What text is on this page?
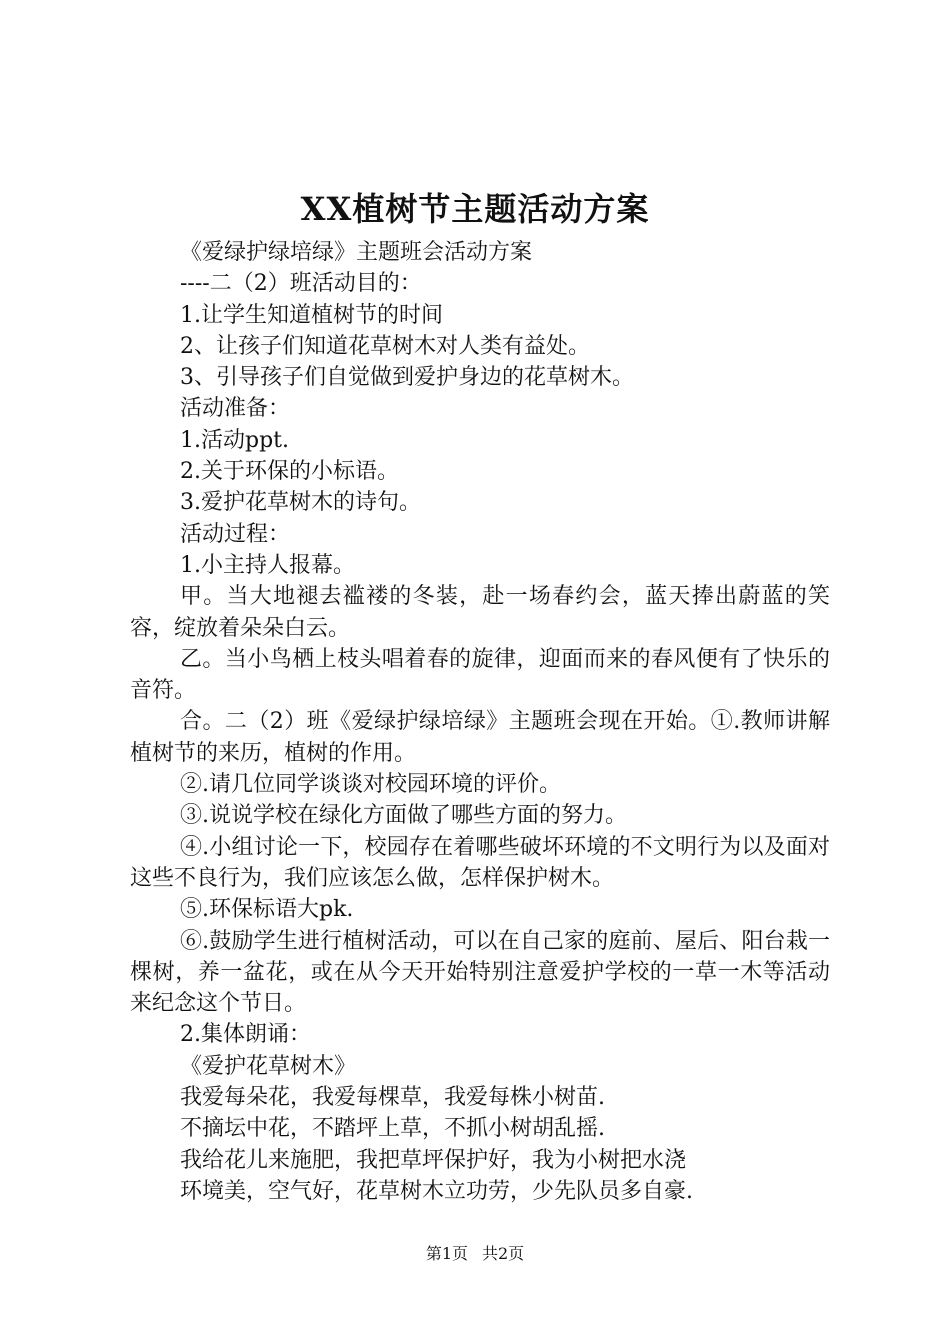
XX植树节主题活动方案

《爱绿护绿培绿》主题班会活动方案

----二（2）班活动目的：

1.让学生知道植树节的时间

2、让孩子们知道花草树木对人类有益处。

3、引导孩子们自觉做到爱护身边的花草树木。

活动准备：

1.活动ppt.

2.关于环保的小标语。

3.爱护花草树木的诗句。

活动过程：

1.小主持人报幕。

甲。当大地褪去褴褛的冬装，赴一场春约会，蓝天捧出蔚蓝的笑容，绽放着朵朵白云。

乙。当小鸟栖上枝头唱着春的旋律，迎面而来的春风便有了快乐的音符。

合。二（2）班《爱绿护绿培绿》主题班会现在开始。①.教师讲解植树节的来历，植树的作用。

②.请几位同学谈谈对校园环境的评价。

③.说说学校在绿化方面做了哪些方面的努力。

④.小组讨论一下，校园存在着哪些破坏环境的不文明行为以及面对这些不良行为，我们应该怎么做，怎样保护树木。

⑤.环保标语大pk.

⑥.鼓励学生进行植树活动，可以在自己家的庭前、屋后、阳台栽一棵树，养一盆花，或在从今天开始特别注意爱护学校的一草一木等活动来纪念这个节日。

2.集体朗诵：

《爱护花草树木》

我爱每朵花，我爱每棵草，我爱每株小树苗.

不摘坛中花，不踏坪上草，不抓小树胡乱摇.

我给花儿来施肥，我把草坪保护好，我为小树把水浇

环境美，空气好，花草树木立功劳，少先队员多自豪.

第1页 共2页
